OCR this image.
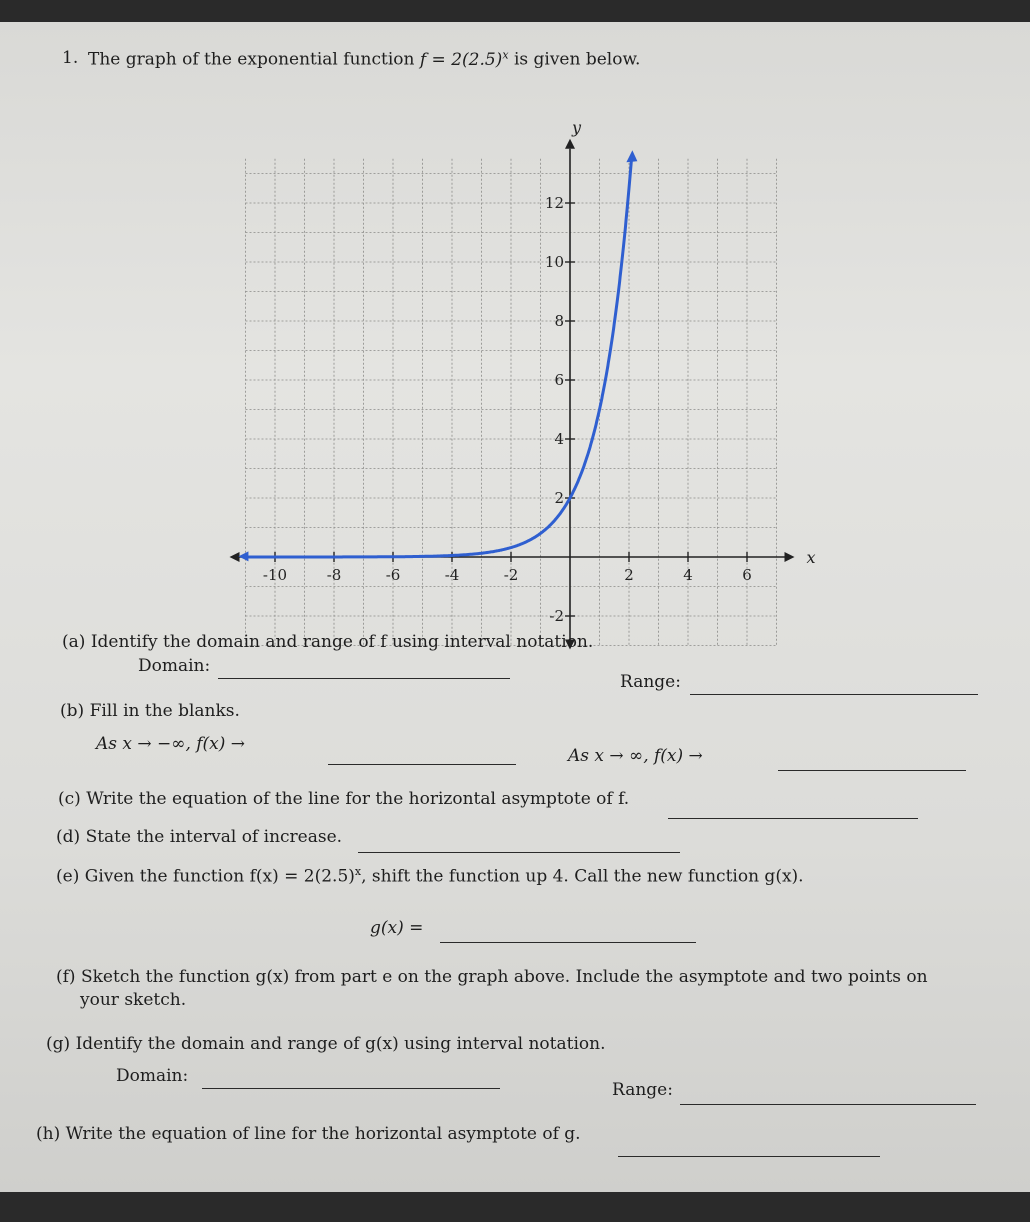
1. The graph of the exponential function $f = 2(2.5)^x$ is given below.
x
y
-10	-8	-6	-4	-2	2	4	6
-2
2
4
6
8
10
12
(a) Identify the domain and range of f using interval notation.
Domain:
Range:
(b) Fill in the blanks.
As x → −∞, f(x) →
As x → ∞, f(x) →
(c) Write the equation of the line for the horizontal asymptote of f.
(d) State the interval of increase.
(e) Given the function $f(x) = 2(2.5)^x$, shift the function up 4. Call the new function g(x).
g(x) =
(f) Sketch the function g(x) from part e on the graph above. Include the asymptote and two points on
your sketch.
(g) Identify the domain and range of g(x) using interval notation.
Domain:
Range:
(h) Write the equation of line for the horizontal asymptote of g.
